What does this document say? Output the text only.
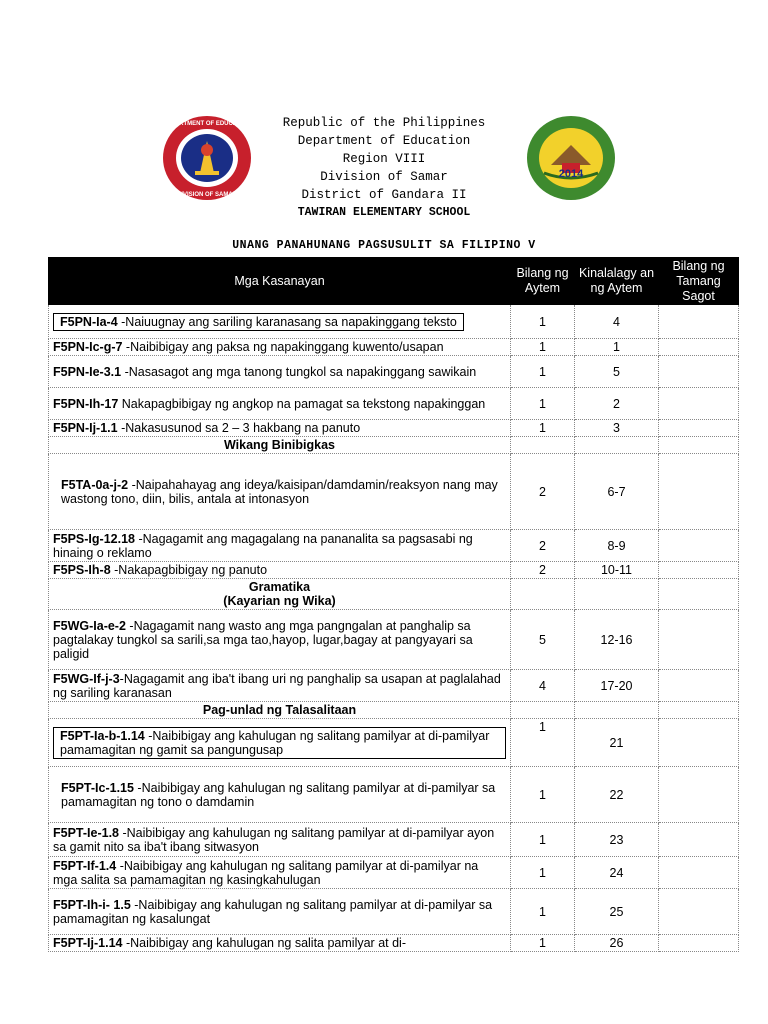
DEPARTMENT OF EDUCATION
DIVISION OF SAMAR
Republic of the Philippines
Department of Education
Region VIII
Division of Samar
District of Gandara II
TAWIRAN ELEMENTARY SCHOOL
2014
UNANG PANAHUNANG PAGSUSULIT SA FILIPINO V
Mga Kasanayan	Bilang ng Aytem	Kinalalagy an ng Aytem	Bilang ng Tamang Sagot
F5PN-Ia-4 -Naiuugnay ang sariling karanasang sa napakinggang teksto	1	4	

F5PN-Ic-g-7 -Naibibigay ang paksa ng napakinggang kuwento/usapan	1	1	

F5PN-Ie-3.1 -Nasasagot ang mga tanong tungkol sa napakinggang sawikain	1	5	

F5PN-Ih-17 Nakapagbibigay ng angkop na pamagat sa tekstong napakinggan	1	2	

F5PN-Ij-1.1 -Nakasusunod sa 2 – 3 hakbang na panuto	1	3	

Wikang Binibigkas			

F5TA-0a-j-2 -Naipahahayag ang ideya/kaisipan/damdamin/reaksyon nang may wastong tono, diin, bilis, antala at intonasyon	2	6-7	

F5PS-Ig-12.18 -Nagagamit ang magagalang na pananalita sa pagsasabi ng hinaing o reklamo	2	8-9	

F5PS-Ih-8 -Nakapagbibigay ng panuto	2	10-11	

Gramatika
(Kayarian ng Wika)			

F5WG-Ia-e-2 -Nagagamit nang wasto ang mga pangngalan at panghalip sa pagtalakay tungkol sa sarili,sa mga tao,hayop, lugar,bagay at pangyayari sa paligid	5	12-16	

F5WG-If-j-3-Nagagamit ang iba't ibang uri ng panghalip sa usapan at paglalahad ng sariling karanasan	4	17-20	

Pag-unlad ng Talasalitaan			

F5PT-Ia-b-1.14 -Naibibigay ang kahulugan ng salitang pamilyar at di-pamilyar pamamagitan ng gamit sa pangungusap	1	21	

F5PT-Ic-1.15 -Naibibigay ang kahulugan ng salitang pamilyar at di-pamilyar sa pamamagitan ng tono o damdamin	1	22	

F5PT-Ie-1.8 -Naibibigay ang kahulugan ng salitang pamilyar at di-pamilyar ayon sa gamit nito sa iba't ibang sitwasyon	1	23	

F5PT-If-1.4 -Naibibigay ang kahulugan ng salitang pamilyar at di-pamilyar na mga salita sa pamamagitan ng kasingkahulugan	1	24	

F5PT-Ih-i- 1.5 -Naibibigay ang kahulugan ng salitang pamilyar at di-pamilyar sa pamamagitan ng kasalungat	1	25	

F5PT-Ij-1.14 -Naibibigay ang kahulugan ng salita pamilyar at di-	1	26	
